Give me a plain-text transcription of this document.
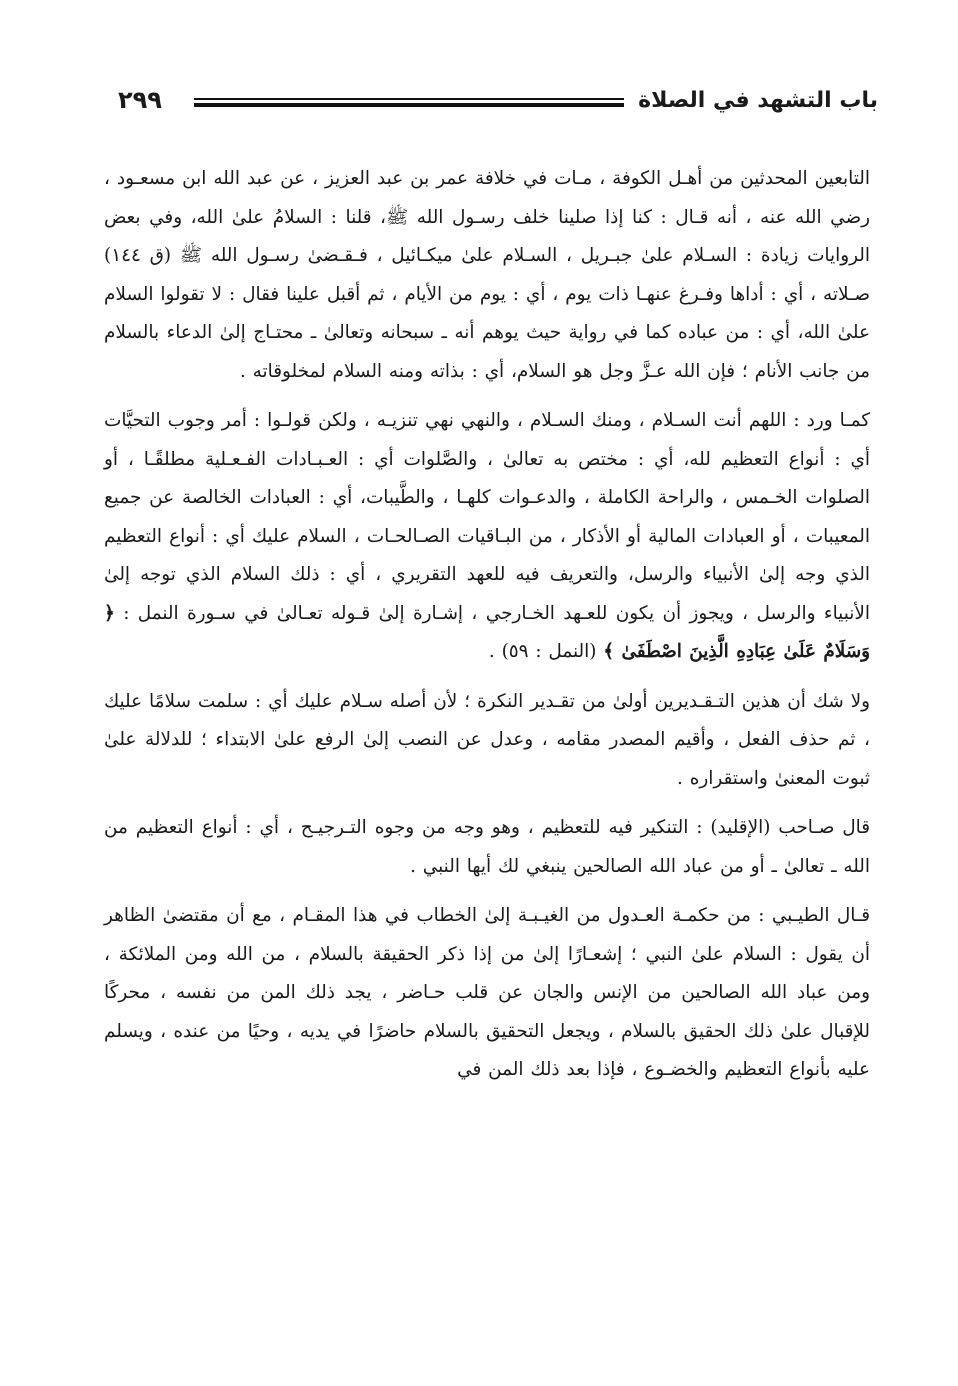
٢٩٩	باب التشهد في الصلاة

التابعين المحدثين من أهـل الكوفة ، مـات في خلافة عمر بن عبد العزيز ، عن عبد الله ابن مسعـود ، رضي الله عنه ، أنه قـال : كنا إذا صلينا خلف رسـول الله ﷺ، قلنا : السلامُ علىٰ الله، وفي بعض الروايات زيادة : السـلام علىٰ جبـريل ، السـلام علىٰ ميكـائيل ، فـقـضىٰ رسـول الله ﷺ (ق ١٤٤) صـلاته ، أي : أداها وفـرغ عنهـا ذات يوم ، أي : يوم من الأيام ، ثم أقبل علينا فقال : لا تقولوا السلام علىٰ الله، أي : من عباده كما في رواية حيث يوهم أنه ـ سبحانه وتعالىٰ ـ محتـاج إلىٰ الدعاء بالسلام من جانب الأنام ؛ فإن الله عـزَّ وجل هو السلام، أي : بذاته ومنه السلام لمخلوقاته .

كمـا ورد : اللهم أنت السـلام ، ومنك السـلام ، والنهي نهي تنزيـه ، ولكن قولـوا : أمر وجوب التحيَّات أي : أنواع التعظيم لله، أي : مختص به تعالىٰ ، والصَّلوات أي : العـبـادات الفـعـلية مطلقًـا ، أو الصلوات الخـمس ، والراحة الكاملة ، والدعـوات كلهـا ، والطَّيبات، أي : العبادات الخالصة عن جميع المعيبات ، أو العبادات المالية أو الأذكار ، من البـاقيات الصـالحـات ، السلام عليك أي : أنواع التعظيم الذي وجه إلىٰ الأنبياء والرسل، والتعريف فيه للعهد التقريري ، أي : ذلك السلام الذي توجه إلىٰ الأنبياء والرسل ، ويجوز أن يكون للعـهد الخـارجي ، إشـارة إلىٰ قـوله تعـالىٰ في سـورة النمل : ﴿ وَسَلَامٌ عَلَىٰ عِبَادِهِ الَّذِينَ اصْطَفَىٰ ﴾ (النمل : ٥٩) .

ولا شك أن هذين التـقـديرين أولىٰ من تقـدير النكرة ؛ لأن أصله سـلام عليك أي : سلمت سلامًا عليك ، ثم حذف الفعل ، وأقيم المصدر مقامه ، وعدل عن النصب إلىٰ الرفع علىٰ الابتداء ؛ للدلالة علىٰ ثبوت المعنىٰ واستقراره .

قال صـاحب (الإقليد) : التنكير فيه للتعظيم ، وهو وجه من وجوه التـرجيـح ، أي : أنواع التعظيم من الله ـ تعالىٰ ـ أو من عباد الله الصالحين ينبغي لك أيها النبي .

قـال الطيـبي : من حكمـة العـدول من الغيـبـة إلىٰ الخطاب في هذا المقـام ، مع أن مقتضىٰ الظاهر أن يقول : السلام علىٰ النبي ؛ إشعـارًا إلىٰ من إذا ذكر الحقيقة بالسلام ، من الله ومن الملائكة ، ومن عباد الله الصالحين من الإنس والجان عن قلب حـاضر ، يجد ذلك المن من نفسه ، محركًا للإقبال علىٰ ذلك الحقيق بالسلام ، ويجعل التحقيق بالسلام حاضرًا في يديه ، وحيًا من عنده ، ويسلم عليه بأنواع التعظيم والخضـوع ، فإذا بعد ذلك المن في
